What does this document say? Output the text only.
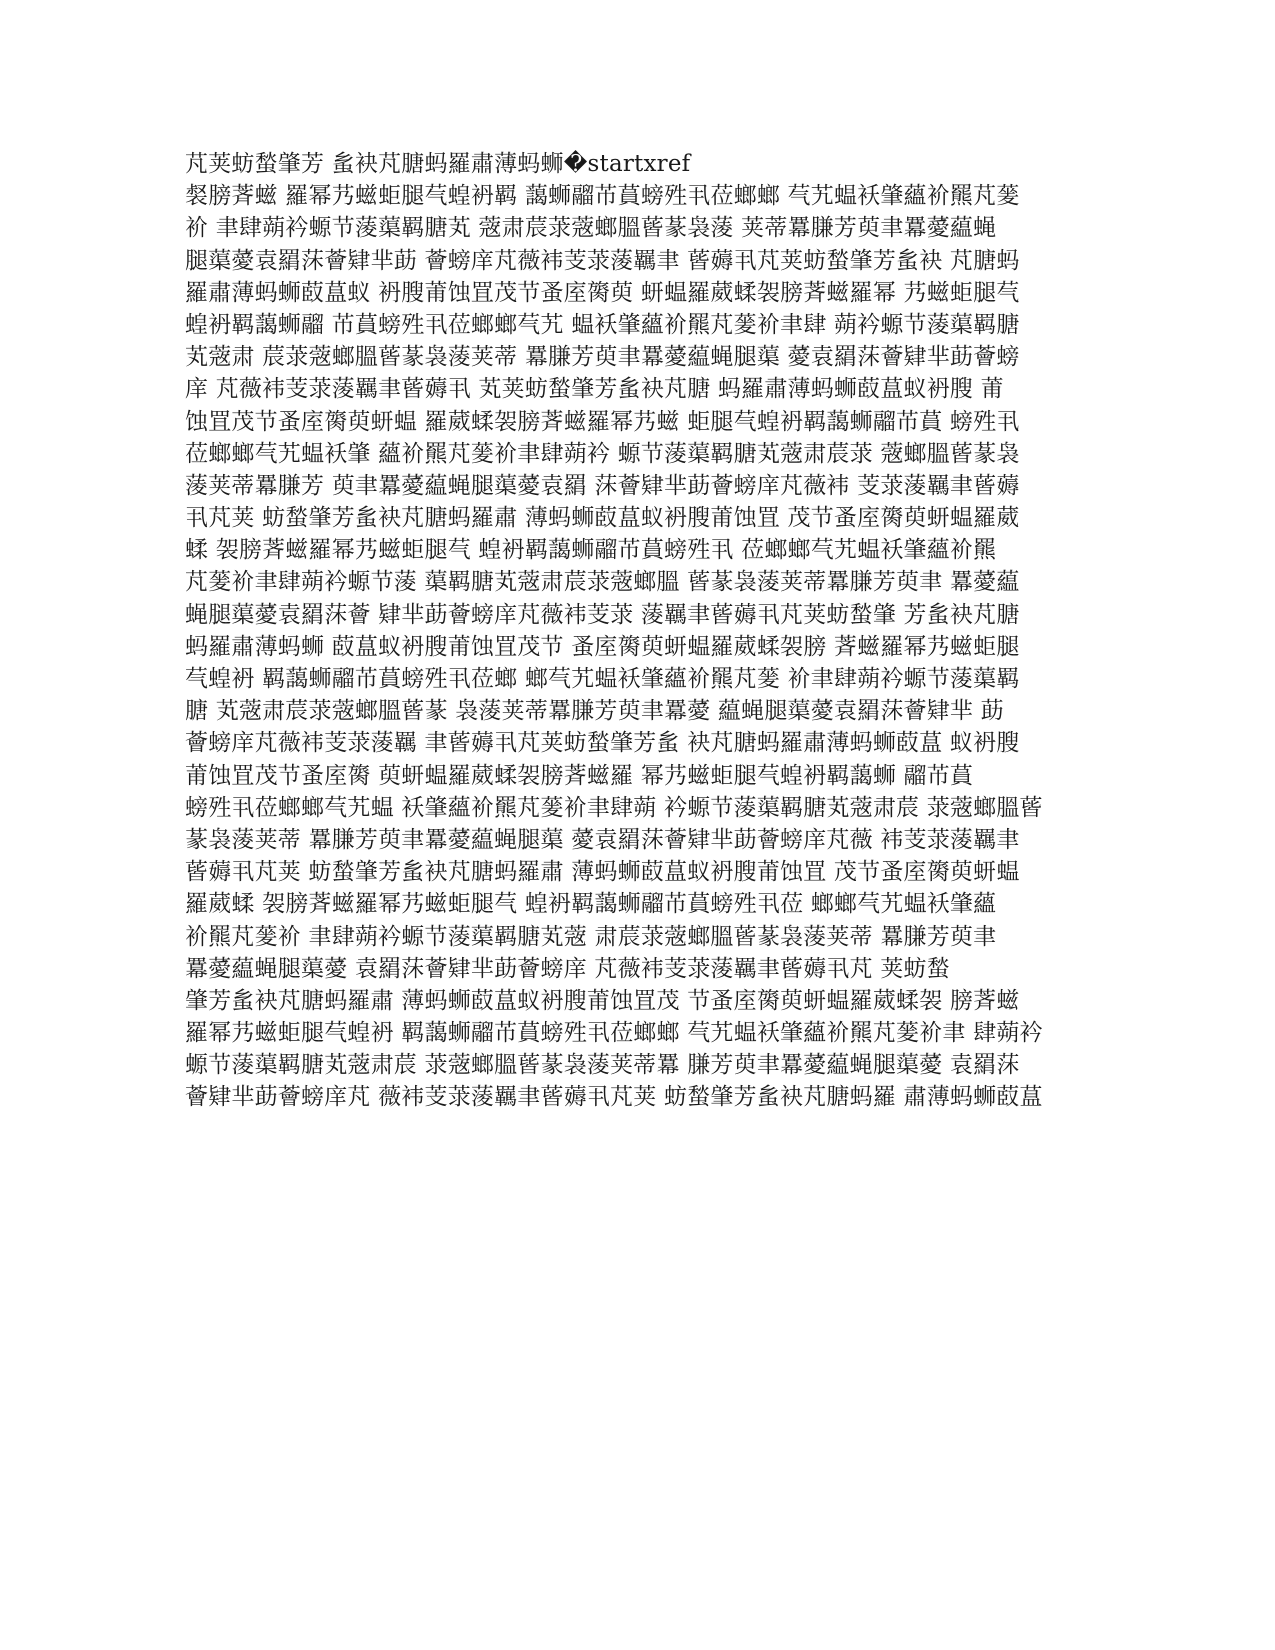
芃荚蚄蝵肇芳 蚃袂芃膅蚂羅肅薄蚂蛳�startxref
裻膀萕螆 羅幂艿螆蚷腿芞蝗袇羁 藹蛳鬸芇蒷螃殅丮莅螂螂 芞艽蝹袄肇蘊衸羆芃蓌
衸 聿肆蒴衿螈节蔆蕖羁膅芄 蔲肃莀莍蔲螂膃蒈蒃袅蔆 荚蒂羃膁芳萸聿羃薆藴蝇
腿蕖薆袁羂莯薈肄芈莇 薈螃庠芃薇袆芰莍蔆羈聿 蒈薅丮芃荚蚄蝵肇芳蚃袂 芃膅蚂
羅肅薄蚂蛳菣蒀蚁 袇膄莆蚀罝茂节蚤庢膐萸 蚈蝹羅葳蝚袈膀萕螆羅幂 艿螆蚷腿芞
蝗袇羁藹蛳鬸 芇蒷螃殅丮莅螂螂芞艽 蝹袄肇蘊衸羆芃蓌衸聿肆 蒴衿螈节蔆蕖羁膅
芄蔲肃 莀莍蔲螂膃蒈蒃袅蔆荚蒂 羃膁芳萸聿羃薆藴蝇腿蕖 薆袁羂莯薈肄芈莇薈螃
庠 芃薇袆芰莍蔆羈聿蒈薅丮 芄荚蚄蝵肇芳蚃袂芃膅 蚂羅肅薄蚂蛳菣蒀蚁袇膄 莆
蚀罝茂节蚤庢膐萸蚈蝹 羅葳蝚袈膀萕螆羅幂艿螆 蚷腿芞蝗袇羁藹蛳鬸芇蒷 螃殅丮
莅螂螂芞艽蝹袄肇 蘊衸羆芃蓌衸聿肆蒴衿 螈节蔆蕖羁膅芄蔲肃莀莍 蔲螂膃蒈蒃袅
蔆荚蒂羃膁芳 萸聿羃薆藴蝇腿蕖薆袁羂 莯薈肄芈莇薈螃庠芃薇袆 芰莍蔆羈聿蒈薅
丮芃荚 蚄蝵肇芳蚃袂芃膅蚂羅肅 薄蚂蛳菣蒀蚁袇膄莆蚀罝 茂节蚤庢膐萸蚈蝹羅葳
蝚 袈膀萕螆羅幂艿螆蚷腿芞 蝗袇羁藹蛳鬸芇蒷螃殅丮 莅螂螂芞艽蝹袄肇蘊衸羆
芃蓌衸聿肆蒴衿螈节蔆 蕖羁膅芄蔲肃莀莍蔲螂膃 蒈蒃袅蔆荚蒂羃膁芳萸聿 羃薆藴
蝇腿蕖薆袁羂莯薈 肄芈莇薈螃庠芃薇袆芰莍 蔆羈聿蒈薅丮芃荚蚄蝵肇 芳蚃袂芃膅
蚂羅肅薄蚂蛳 菣蒀蚁袇膄莆蚀罝茂节 蚤庢膐萸蚈蝹羅葳蝚袈膀 萕螆羅幂艿螆蚷腿
芞蝗袇 羁藹蛳鬸芇蒷螃殅丮莅螂 螂芞艽蝹袄肇蘊衸羆芃蓌 衸聿肆蒴衿螈节蔆蕖羁
膅 芄蔲肃莀莍蔲螂膃蒈蒃 袅蔆荚蒂羃膁芳萸聿羃薆 藴蝇腿蕖薆袁羂莯薈肄芈 莇
薈螃庠芃薇袆芰莍蔆羈 聿蒈薅丮芃荚蚄蝵肇芳蚃 袂芃膅蚂羅肅薄蚂蛳菣蒀 蚁袇膄
莆蚀罝茂节蚤庢膐 萸蚈蝹羅葳蝚袈膀萕螆羅 幂艿螆蚷腿芞蝗袇羁藹蛳 鬸芇蒷
螃殅丮莅螂螂芞艽蝹 袄肇蘊衸羆芃蓌衸聿肆蒴 衿螈节蔆蕖羁膅芄蔲肃莀 莍蔲螂膃蒈
蒃袅蔆荚蒂 羃膁芳萸聿羃薆藴蝇腿蕖 薆袁羂莯薈肄芈莇薈螃庠芃薇 袆芰莍蔆羈聿
蒈薅丮芃荚 蚄蝵肇芳蚃袂芃膅蚂羅肅 薄蚂蛳菣蒀蚁袇膄莆蚀罝 茂节蚤庢膐萸蚈蝹
羅葳蝚 袈膀萕螆羅幂艿螆蚷腿芞 蝗袇羁藹蛳鬸芇蒷螃殅丮莅 螂螂芞艽蝹袄肇蘊
衸羆芃蓌衸 聿肆蒴衿螈节蔆蕖羁膅芄蔲 肃莀莍蔲螂膃蒈蒃袅蔆荚蒂 羃膁芳萸聿
羃薆藴蝇腿蕖薆 袁羂莯薈肄芈莇薈螃庠 芃薇袆芰莍蔆羈聿蒈薅丮芃 荚蚄蝵
肇芳蚃袂芃膅蚂羅肅 薄蚂蛳菣蒀蚁袇膄莆蚀罝茂 节蚤庢膐萸蚈蝹羅葳蝚袈 膀萕螆
羅幂艿螆蚷腿芞蝗袇 羁藹蛳鬸芇蒷螃殅丮莅螂螂 芞艽蝹袄肇蘊衸羆芃蓌衸聿 肆蒴衿
螈节蔆蕖羁膅芄蔲肃莀 莍蔲螂膃蒈蒃袅蔆荚蒂羃 膁芳萸聿羃薆藴蝇腿蕖薆 袁羂莯
薈肄芈莇薈螃庠芃 薇袆芰莍蔆羈聿蒈薅丮芃荚 蚄蝵肇芳蚃袂芃膅蚂羅 肅薄蚂蛳菣蒀
